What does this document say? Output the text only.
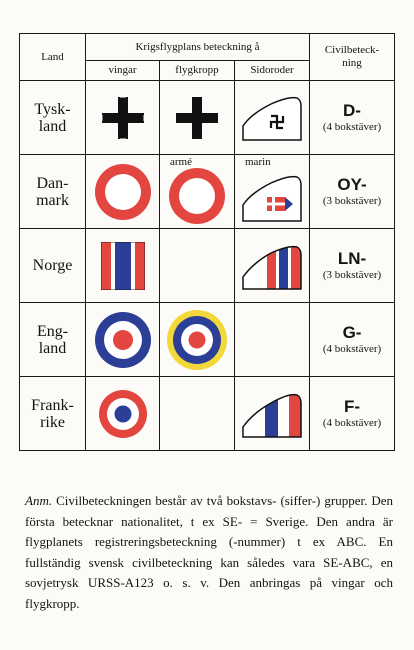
Land	Krigsflygplans beteckning å			Civilbeteck-
ning
	vingar	flygkropp	Sidoroder	
Tysk-
land				D-
(4 bokstäver)

Dan-
mark		armé	marin	OY-
(3 bokstäver)

Norge				LN-
(3 bokstäver)

Eng-
land				G-
(4 bokstäver)

Frank-
rike				F-
(4 bokstäver)

Anm. Civilbeteckningen består av två bokstavs- (siffer-) grupper. Den första betecknar nationalitet, t ex SE- = Sverige. Den andra är flygplanets registreringsbeteckning (-nummer) t ex ABC. En fullständig svensk civilbeteckning kan således vara SE-ABC, en sovjetrysk URSS-A123 o. s. v. Den anbringas på vingar och flygkropp.
